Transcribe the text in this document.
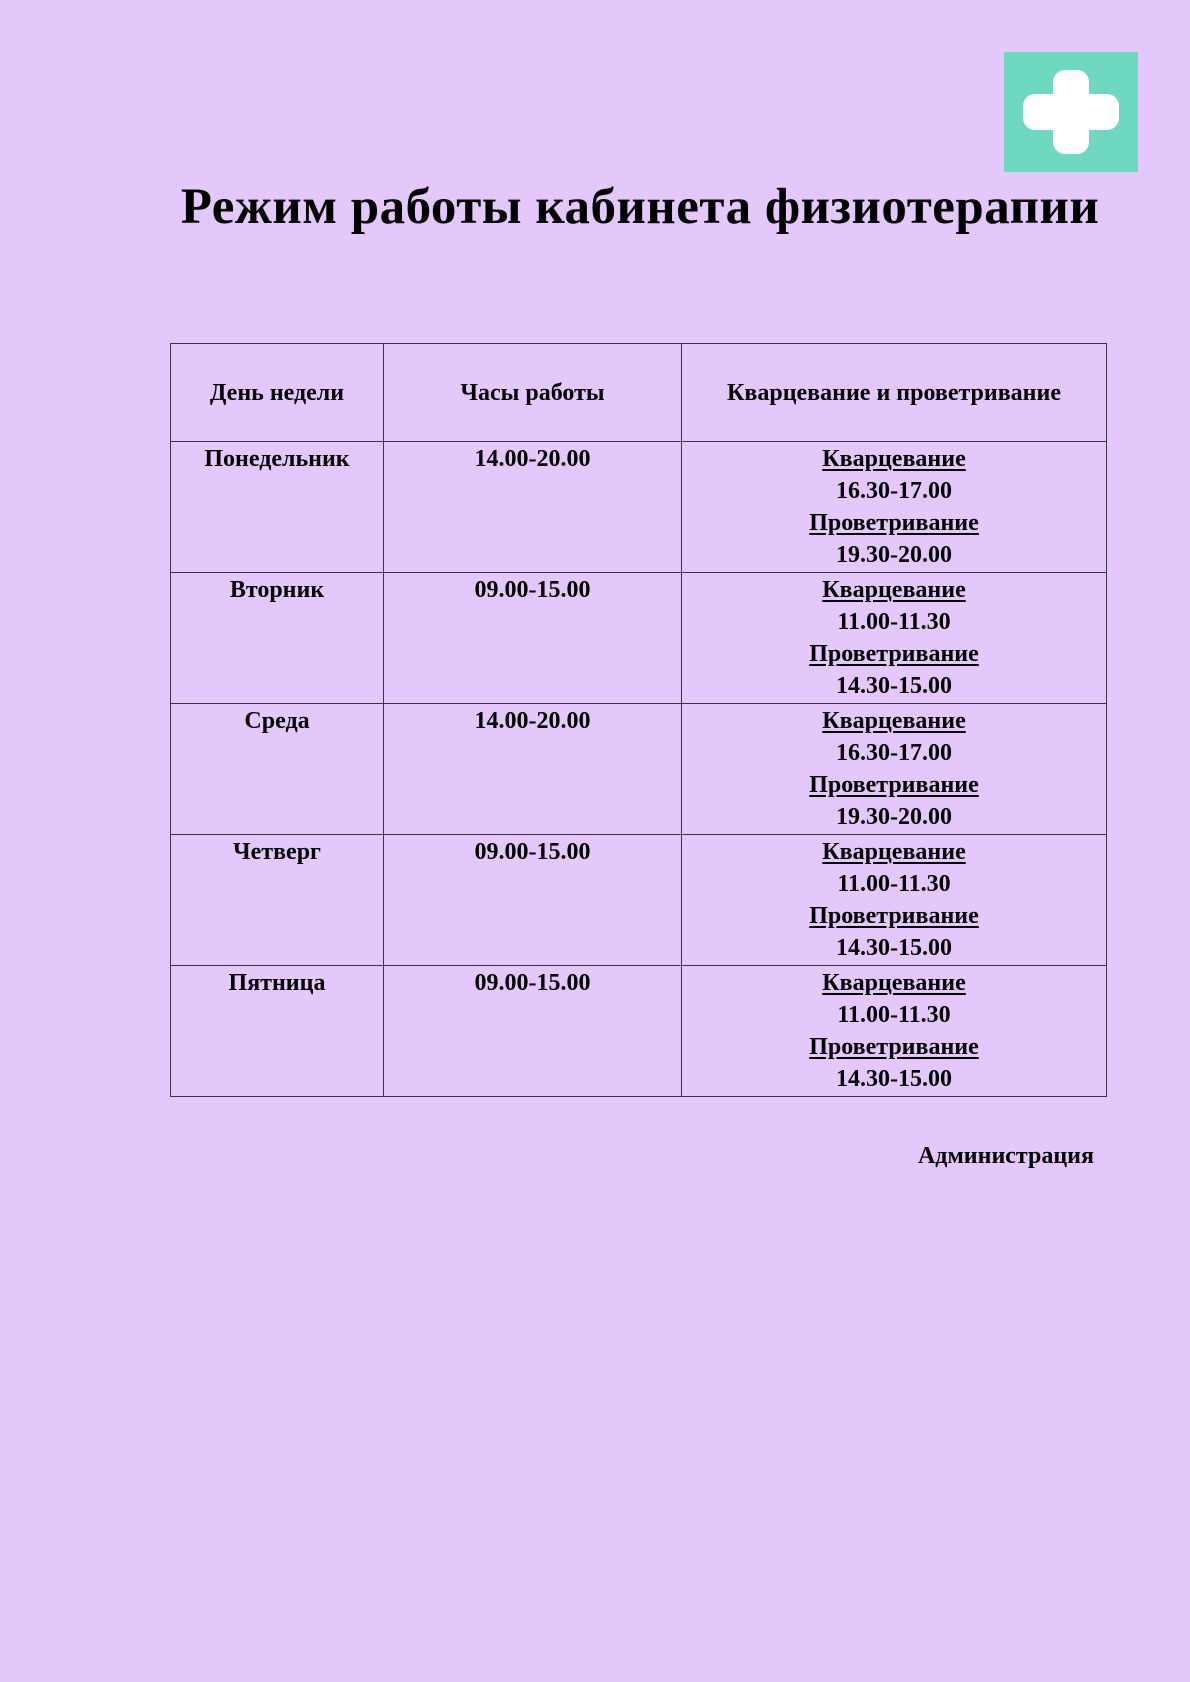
Режим работы кабинета физиотерапии
День недели	Часы работы	Кварцевание и проветривание
Понедельник	14.00-20.00	Кварцевание
16.30-17.00
Проветривание
19.30-20.00

Вторник	09.00-15.00	Кварцевание
11.00-11.30
Проветривание
14.30-15.00

Среда	14.00-20.00	Кварцевание
16.30-17.00
Проветривание
19.30-20.00

Четверг	09.00-15.00	Кварцевание
11.00-11.30
Проветривание
14.30-15.00

Пятница	09.00-15.00	Кварцевание
11.00-11.30
Проветривание
14.30-15.00
Администрация
